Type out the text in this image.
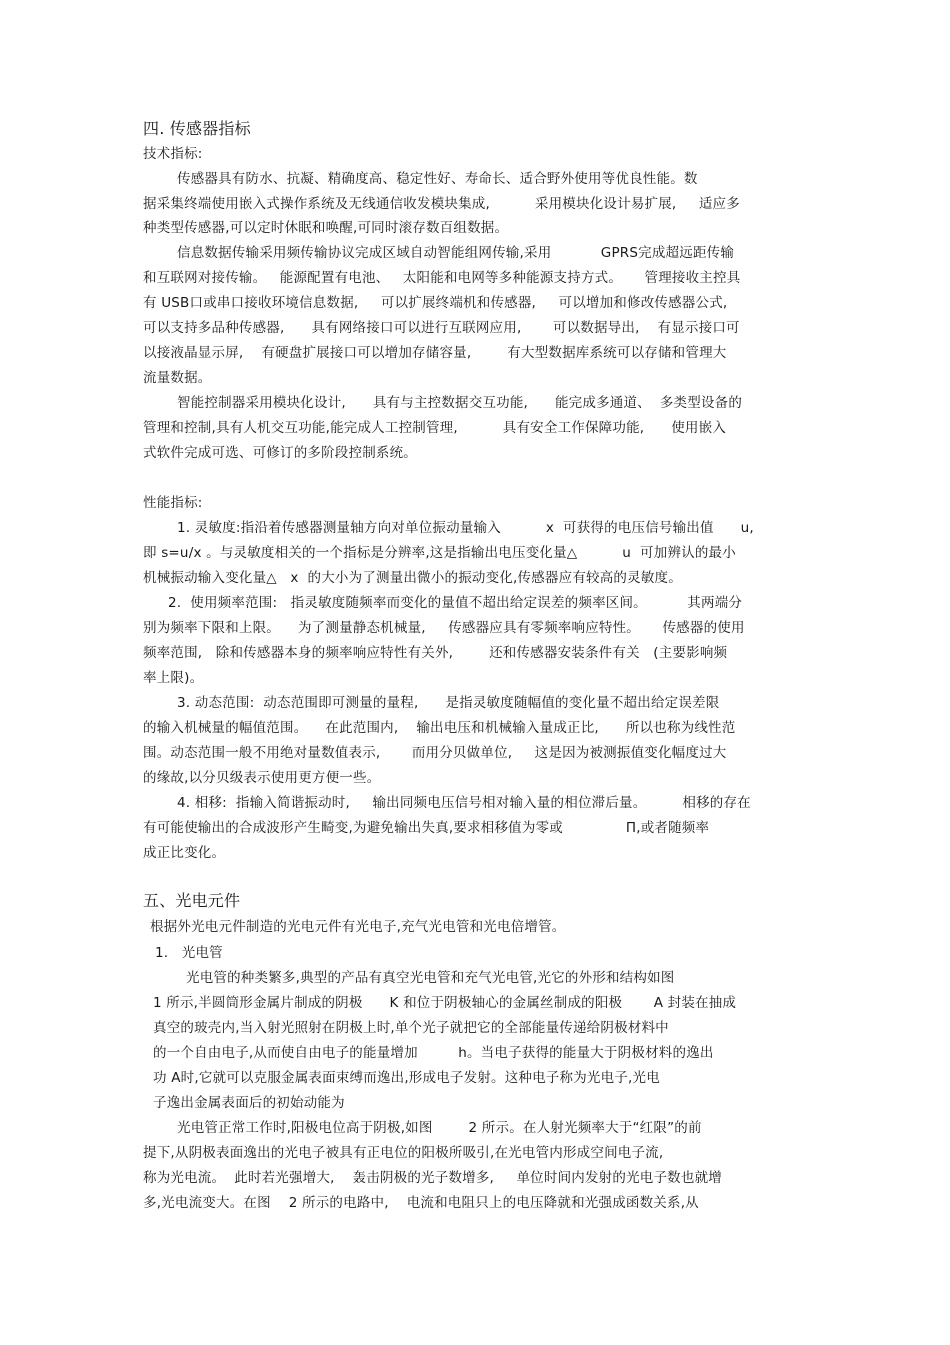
四. 传感器指标
技术指标:
传感器具有防水、抗凝、精确度高、稳定性好、寿命长、适合野外使用等优良性能。数
据采集终端使用嵌入式操作系统及无线通信收发模块集成,          采用模块化设计易扩展,     适应多
种类型传感器,可以定时休眠和唤醒,可同时滚存数百组数据。
信息数据传输采用频传输协议完成区域自动智能组网传输,采用           GPRS完成超远距传输
和互联网对接传输。   能源配置有电池、   太阳能和电网等多种能源支持方式。     管理接收主控具
有 USB口或串口接收环境信息数据,     可以扩展终端机和传感器,     可以增加和修改传感器公式,
可以支持多品种传感器,      具有网络接口可以进行互联网应用,       可以数据导出,    有显示接口可
以接液晶显示屏,    有硬盘扩展接口可以增加存储容量,        有大型数据库系统可以存储和管理大
流量数据。
智能控制器采用模块化设计,      具有与主控数据交互功能,      能完成多通道、  多类型设备的
管理和控制,具有人机交互功能,能完成人工控制管理,          具有安全工作保障功能,      使用嵌入
式软件完成可选、可修订的多阶段控制系统。
性能指标:
1. 灵敏度:指沿着传感器测量轴方向对单位振动量输入          x  可获得的电压信号输出值      u,
即 s=u/x 。与灵敏度相关的一个指标是分辨率,这是指输出电压变化量△          u  可加辨认的最小
机械振动输入变化量△   x  的大小为了测量出微小的振动变化,传感器应有较高的灵敏度。
2.  使用频率范围:   指灵敏度随频率而变化的量值不超出给定误差的频率区间。         其两端分
别为频率下限和上限。    为了测量静态机械量,     传感器应具有零频率响应特性。     传感器的使用
频率范围,   除和传感器本身的频率响应特性有关外,        还和传感器安装条件有关   (主要影响频
率上限)。
3. 动态范围:  动态范围即可测量的量程,      是指灵敏度随幅值的变化量不超出给定误差限
的输入机械量的幅值范围。    在此范围内,    输出电压和机械输入量成正比,      所以也称为线性范
围。动态范围一般不用绝对量数值表示,       而用分贝做单位,     这是因为被测振值变化幅度过大
的缘故,以分贝级表示使用更方便一些。
4. 相移:  指输入简谐振动时,     输出同频电压信号相对输入量的相位滞后量。        相移的存在
有可能使输出的合成波形产生畸变,为避免输出失真,要求相移值为零或              Π,或者随频率
成正比变化。
五、光电元件
根据外光电元件制造的光电元件有光电子,充气光电管和光电倍增管。
1.   光电管
光电管的种类繁多,典型的产品有真空光电管和充气光电管,光它的外形和结构如图
1 所示,半圆筒形金属片制成的阴极      K 和位于阴极轴心的金属丝制成的阳极       A 封装在抽成
真空的玻壳内,当入射光照射在阴极上时,单个光子就把它的全部能量传递给阴极材料中
的一个自由电子,从而使自由电子的能量增加         h。当电子获得的能量大于阴极材料的逸出
功 A时,它就可以克服金属表面束缚而逸出,形成电子发射。这种电子称为光电子,光电
子逸出金属表面后的初始动能为
光电管正常工作时,阳极电位高于阴极,如图        2 所示。在人射光频率大于“红限”的前
提下,从阴极表面逸出的光电子被具有正电位的阳极所吸引,在光电管内形成空间电子流,
称为光电流。  此时若光强增大,    轰击阴极的光子数增多,     单位时间内发射的光电子数也就增
多,光电流变大。在图    2 所示的电路中,    电流和电阻只上的电压降就和光强成函数关系,从
